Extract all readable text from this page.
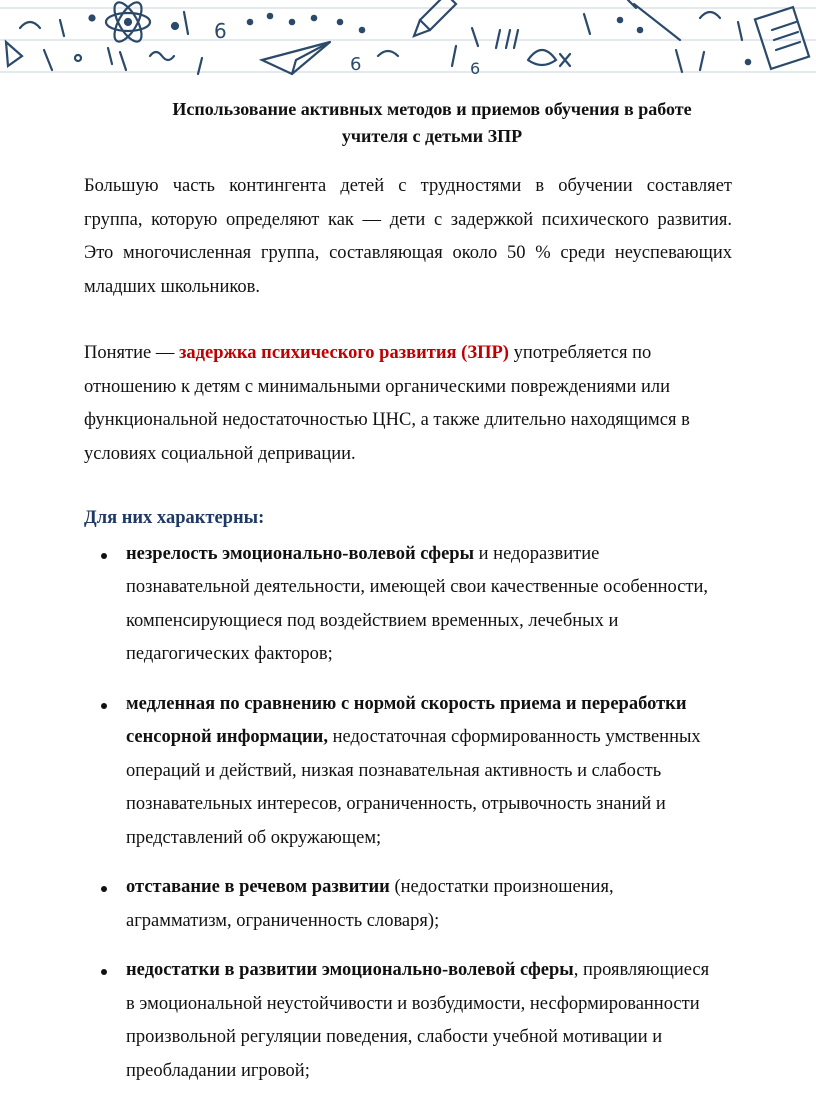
6
6	6
Использование активных методов и приемов обучения в работе
учителя с детьми ЗПР

Большую часть контингента детей с трудностями в обучении составляет
группа, которую определяют как — дети с задержкой психического развития.
Это многочисленная группа, составляющая около 50 % среди неуспевающих
младших школьников.

Понятие — задержка психического развития (ЗПР) употребляется по
отношению к детям с минимальными органическими повреждениями или
функциональной недостаточностью ЦНС, а также длительно находящимся в
условиях социальной депривации.

Для них характерны:

незрелость эмоционально-волевой сферы и недоразвитие
познавательной деятельности, имеющей свои качественные особенности,
компенсирующиеся под воздействием временных, лечебных и
педагогических факторов;
медленная по сравнению с нормой скорость приема и переработки
сенсорной информации, недостаточная сформированность умственных
операций и действий, низкая познавательная активность и слабость
познавательных интересов, ограниченность, отрывочность знаний и
представлений об окружающем;
отставание в речевом развитии (недостатки произношения,
аграмматизм, ограниченность словаря);
недостатки в развитии эмоционально-волевой сферы, проявляющиеся
в эмоциональной неустойчивости и возбудимости, несформированности
произвольной регуляции поведения, слабости учебной мотивации и
преобладании игровой;
